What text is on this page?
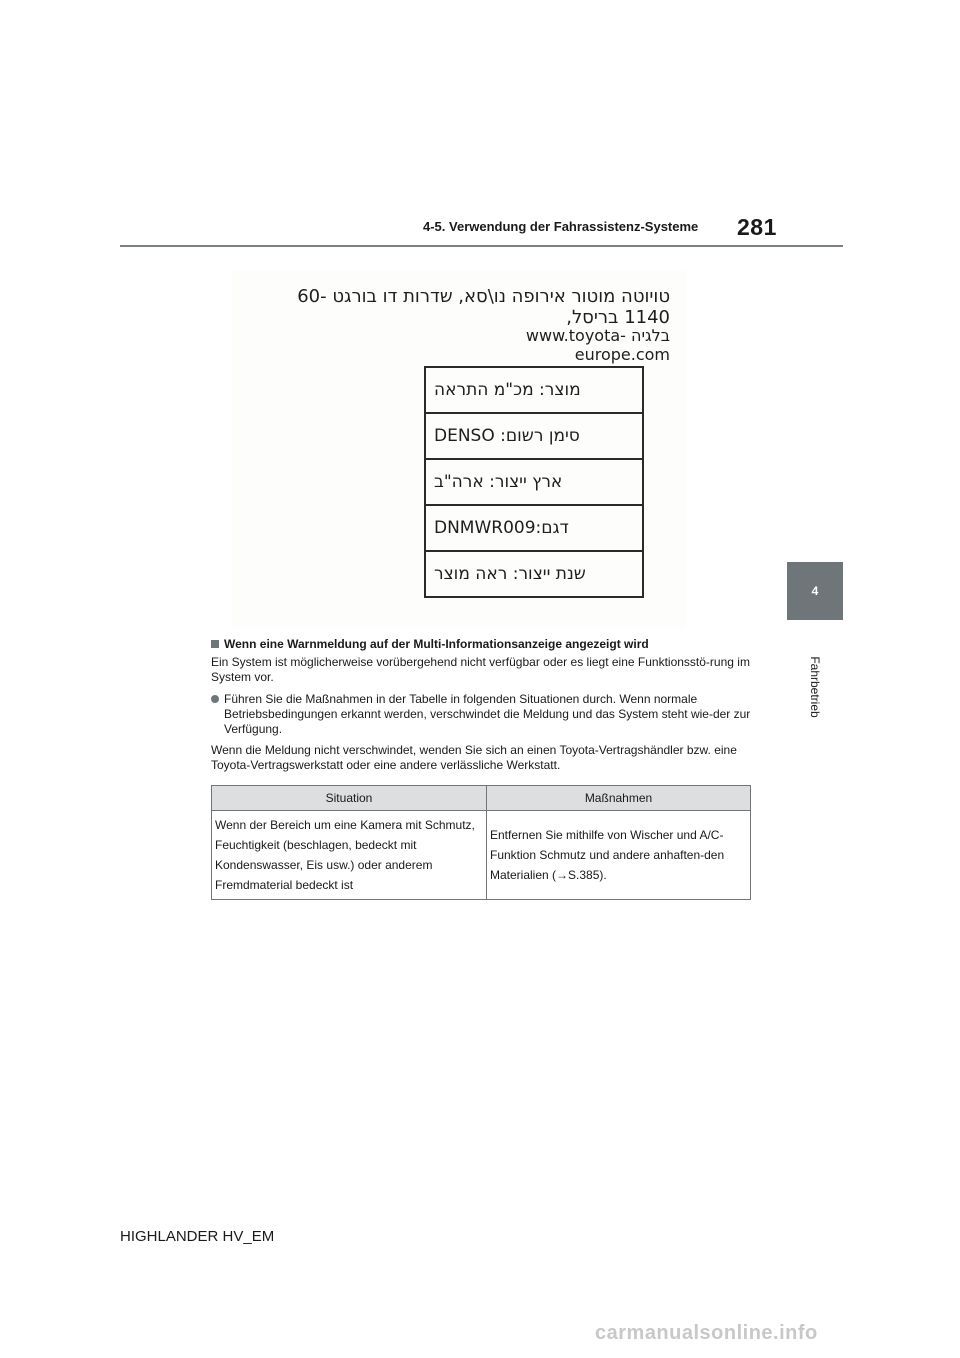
4-5. Verwendung der Fahrassistenz-Systeme 281
4
Fahrbetrieb
טויוטה מוטור אירופה נו\סא, שדרות דו בורגט 60-1140 בריסל,
בלגיה www.toyota-europe.com
מוצר: מכ"מ התראה
סימן רשום: DENSO
ארץ ייצור: ארה"ב
דגם:DNMWR009
שנת ייצור: ראה מוצר
Wenn eine Warnmeldung auf der Multi-Informationsanzeige angezeigt wird

Ein System ist möglicherweise vorübergehend nicht verfügbar oder es liegt eine Funktionsstö-rung im System vor.

Führen Sie die Maßnahmen in der Tabelle in folgenden Situationen durch. Wenn normale Betriebsbedingungen erkannt werden, verschwindet die Meldung und das System steht wie-der zur Verfügung.

Wenn die Meldung nicht verschwindet, wenden Sie sich an einen Toyota-Vertragshändler bzw. eine Toyota-Vertragswerkstatt oder eine andere verlässliche Werkstatt.

Situation	Maßnahmen
Wenn der Bereich um eine Kamera mit Schmutz, Feuchtigkeit (beschlagen, bedeckt mit Kondenswasser, Eis usw.) oder anderem Fremdmaterial bedeckt ist	Entfernen Sie mithilfe von Wischer und A/C-Funktion Schmutz und andere anhaften-den Materialien (→S.385).
HIGHLANDER HV_EM
carmanualsonline.info
